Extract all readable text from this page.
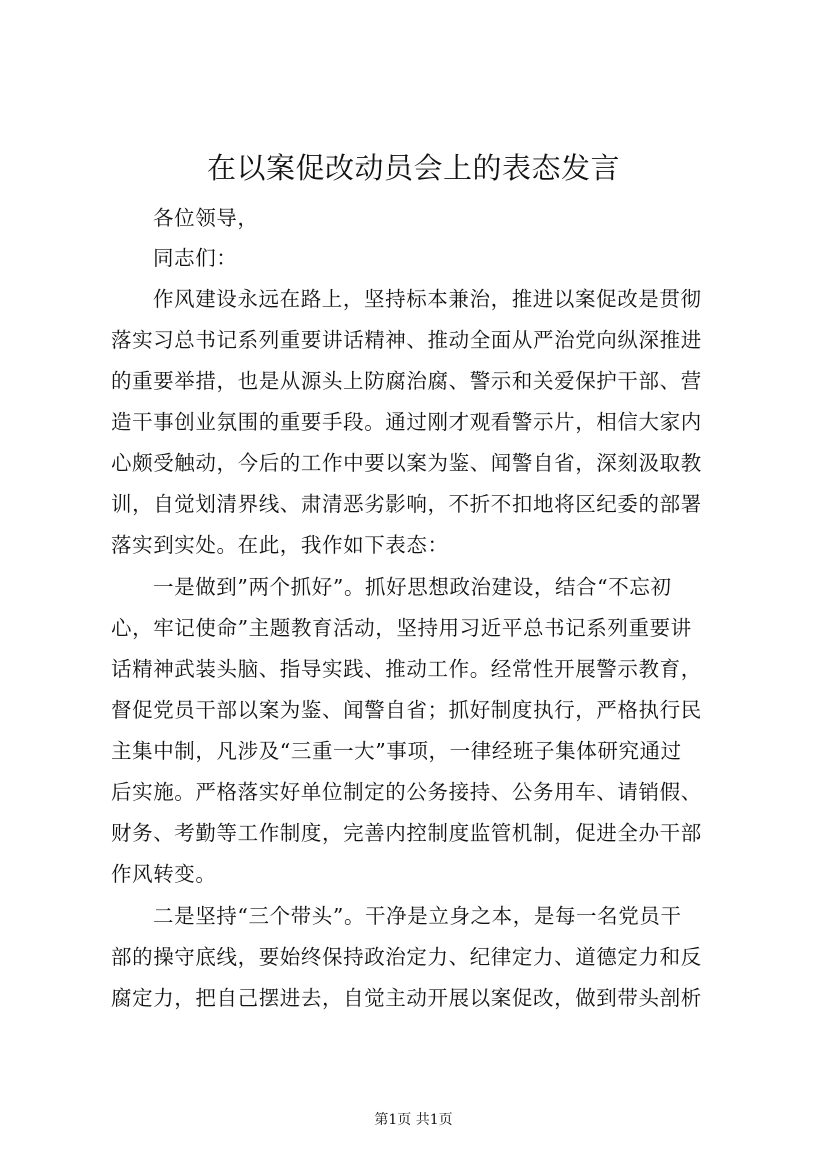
在以案促改动员会上的表态发言

各位领导，

同志们：

作风建设永远在路上，坚持标本兼治，推进以案促改是贯彻

落实习总书记系列重要讲话精神、推动全面从严治党向纵深推进

的重要举措，也是从源头上防腐治腐、警示和关爱保护干部、营

造干事创业氛围的重要手段。通过刚才观看警示片，相信大家内

心颇受触动，今后的工作中要以案为鉴、闻警自省，深刻汲取教

训，自觉划清界线、肃清恶劣影响，不折不扣地将区纪委的部署

落实到实处。在此，我作如下表态：

一是做到”两个抓好”。抓好思想政治建设，结合“不忘初

心，牢记使命”主题教育活动，坚持用习近平总书记系列重要讲

话精神武装头脑、指导实践、推动工作。经常性开展警示教育，

督促党员干部以案为鉴、闻警自省；抓好制度执行，严格执行民

主集中制，凡涉及“三重一大”事项，一律经班子集体研究通过

后实施。严格落实好单位制定的公务接持、公务用车、请销假、

财务、考勤等工作制度，完善内控制度监管机制，促进全办干部

作风转变。

二是坚持“三个带头”。干净是立身之本，是每一名党员干

部的操守底线，要始终保持政治定力、纪律定力、道德定力和反

腐定力，把自己摆进去，自觉主动开展以案促改，做到带头剖析

第1页 共1页
